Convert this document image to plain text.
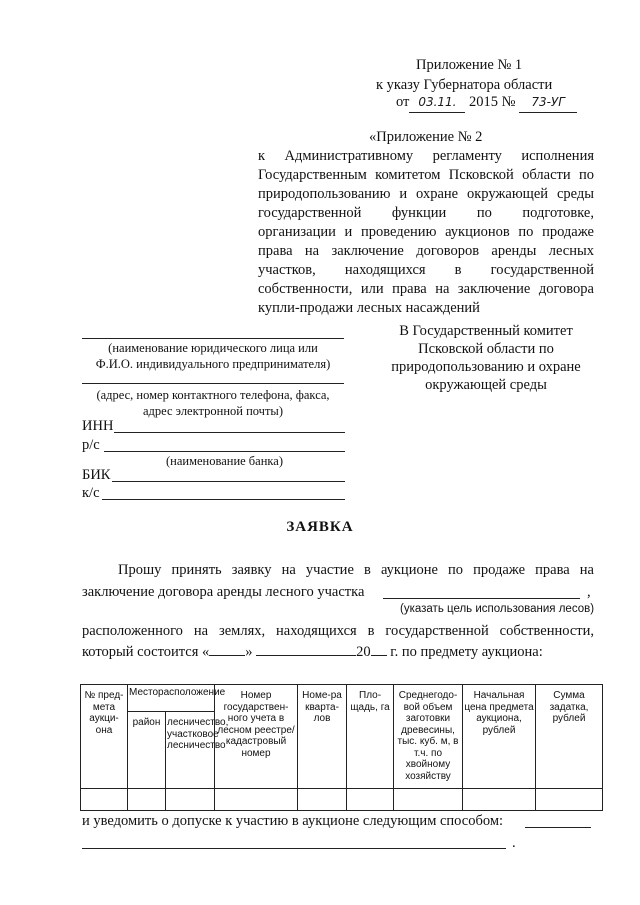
Приложение № 1
к указу Губернатора области
от 03.11. 2015 № 73-УГ
«Приложение № 2
к Административному регламенту исполнения Государственным комитетом Псковской области по природопользованию и охране окружающей среды государственной функции по подготовке, организации и проведению аукционов по продаже права на заключение договоров аренды лесных участков, находящихся в государственной собственности, или права на заключение договора купли-продажи лесных насаждений
(наименование юридического лица или
Ф.И.О. индивидуального предпринимателя)
(адрес, номер контактного телефона, факса,
адрес электронной почты)
ИНН
р/с
(наименование банка)
БИК
к/с
В Государственный комитет
Псковской области по
природопользованию и охране
окружающей среды
ЗАЯВКА
Прошу принять заявку на участие в аукционе по продаже права на
заключение договора аренды лесного участка	,
(указать цель использования лесов)
расположенного на землях, находящихся в государственной собственности,
который состоится « »	20 г. по предмету аукциона:
№ пред-мета аукци-она	Месторасположение		Номер государствен-ного учета в лесном реестре/ кадастровый номер	Номе-ра кварта-лов	Пло-щадь, га	Среднегодо-вой объем заготовки древесины, тыс. куб. м, в т.ч. по хвойному хозяйству	Начальная цена предмета аукциона, рублей	Сумма задатка, рублей
	район	лесничество, участковое лесничество						

и уведомить о допуске к участию в аукционе следующим способом:
.
